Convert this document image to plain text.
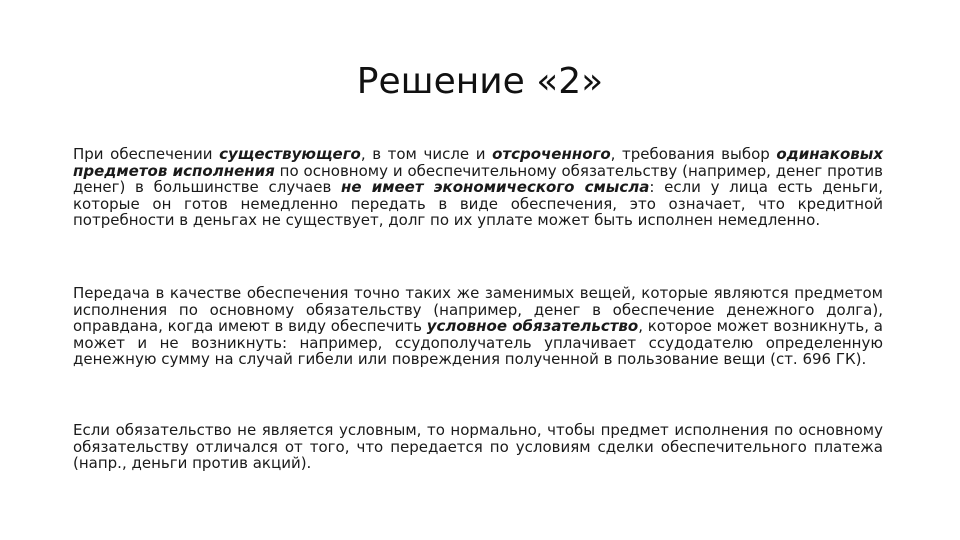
Решение «2»

При обеспечении существующего, в том числе и отсроченного, требования выбор одинаковых предметов исполнения по основному и обеспечительному обязательству (например, денег против денег) в большинстве случаев не имеет экономического смысла: если у лица есть деньги, которые он готов немедленно передать в виде обеспечения, это означает, что кредитной потребности в деньгах не существует, долг по их уплате может быть исполнен немедленно.

Передача в качестве обеспечения точно таких же заменимых вещей, которые являются предметом исполнения по основному обязательству (например, денег в обеспечение денежного долга), оправдана, когда имеют в виду обеспечить условное обязательство, которое может возникнуть, а может и не возникнуть: например, ссудополучатель уплачивает ссудодателю определенную денежную сумму на случай гибели или повреждения полученной в пользование вещи (ст. 696 ГК).

Если обязательство не является условным, то нормально, чтобы предмет исполнения по основному обязательству отличался от того, что передается по условиям сделки обеспечительного платежа (напр., деньги против акций).
